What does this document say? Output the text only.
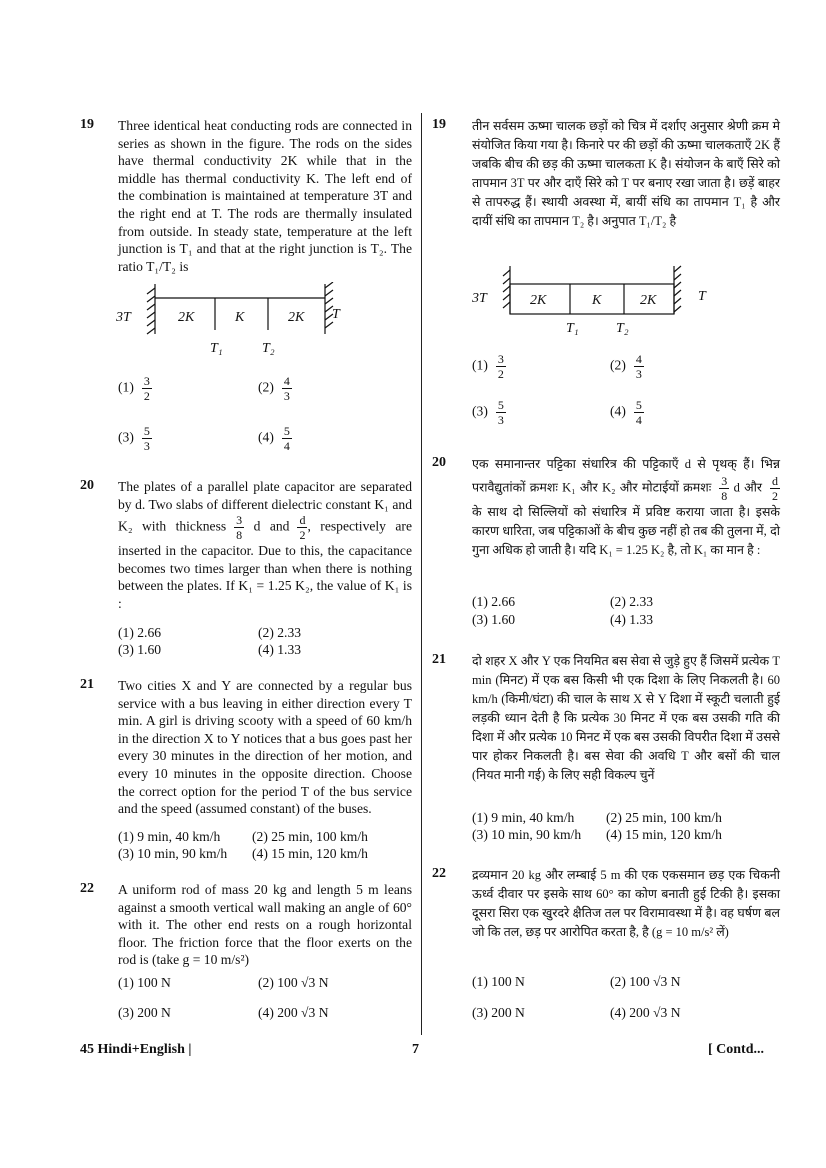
19 Three identical heat conducting rods are connected in series as shown in the figure. The rods on the sides have thermal conductivity 2K while that in the middle has thermal conductivity K. The left end of the combination is maintained at temperature 3T and the right end at T. The rods are thermally insulated from outside. In steady state, temperature at the left junction is T₁ and that at the right junction is T₂. The ratio T₁/T₂ is
3T	T
2K	K	2K
T₁	T₂
$(1) \frac{3}{2}$	$(2) \frac{4}{3}$
$(3) \frac{5}{3}$	$(4) \frac{5}{4}$
20 The plates of a parallel plate capacitor are separated by d. Two slabs of different dielectric constant K₁ and K₂ with thickness $\frac{3}{8}$ d and $\frac{d}{2}$ , respectively are inserted in the capacitor. Due to this, the capacitance becomes two times larger than when there is nothing between the plates. If K₁ = 1.25 K₂, the value of K₁ is :
(1) 2.66	(2) 2.33
(3) 1.60	(4) 1.33
21 Two cities X and Y are connected by a regular bus service with a bus leaving in either direction every T min. A girl is driving scooty with a speed of 60 km/h in the direction X to Y notices that a bus goes past her every 30 minutes in the direction of her motion, and every 10 minutes in the opposite direction. Choose the correct option for the period T of the bus service and the speed (assumed constant) of the buses.
(1) 9 min, 40 km/h (2) 25 min, 100 km/h
(3) 10 min, 90 km/h (4) 15 min, 120 km/h
22 A uniform rod of mass 20 kg and length 5 m leans against a smooth vertical wall making an angle of 60° with it. The other end rests on a rough horizontal floor. The friction force that the floor exerts on the rod is (take g = 10 m/s²)
(1) 100 N	(2) 100 √3 N
(3) 200 N	(4) 200 √3 N
19 तीन सर्वसम ऊष्मा चालक छड़ों को चित्र में दर्शाए अनुसार श्रेणी क्रम मे संयोजित किया गया है। किनारे पर की छड़ों की ऊष्मा चालकताएँ 2K हैं जबकि बीच की छड़ की ऊष्मा चालकता K है। संयोजन के बाएँ सिरे को तापमान 3T पर और दाएँ सिरे को T पर बनाए रखा जाता है। छड़ें बाहर से तापरुद्ध हैं। स्थायी अवस्था में, बायीं संधि का तापमान T₁ है और दायीं संधि का तापमान T₂ है। अनुपात T₁/T₂ है
3T	T
2K	K	2K
T₁	T₂
$(1) \frac{3}{2}$	$(2) \frac{4}{3}$
$(3) \frac{5}{3}$	$(4) \frac{5}{4}$
20 एक समानान्तर पट्टिका संधारित्र की पट्टिकाएँ d से पृथक् हैं। भिन्न परावैद्युतांकों क्रमशः K₁ और K₂ और मोटाईयों क्रमशः $\frac{3}{8}$ d और $\frac{d}{2}$
के साथ दो सिल्लियों को संधारित्र में प्रविष्ट कराया जाता है। इसके कारण धारिता, जब पट्टिकाओं के बीच कुछ नहीं हो तब की तुलना में, दो गुना अधिक हो जाती है। यदि K₁ = 1.25 K₂ है, तो K₁ का मान है :
(1) 2.66	(2) 2.33
(3) 1.60	(4) 1.33
21 दो शहर X और Y एक नियमित बस सेवा से जुड़े हुए हैं जिसमें प्रत्येक T min (मिनट) में एक बस किसी भी एक दिशा के लिए निकलती है। 60 km/h (किमी/घंटा) की चाल के साथ X से Y दिशा में स्कूटी चलाती हुई लड़की ध्यान देती है कि प्रत्येक 30 मिनट में एक बस उसकी गति की दिशा में और प्रत्येक 10 मिनट में एक बस उसकी विपरीत दिशा में उससे पार होकर निकलती है। बस सेवा की अवधि T और बसों की चाल (नियत मानी गई) के लिए सही विकल्प चुनें
(1) 9 min, 40 km/h (2) 25 min, 100 km/h
(3) 10 min, 90 km/h (4) 15 min, 120 km/h
22 द्रव्यमान 20 kg और लम्बाई 5 m की एक एकसमान छड़ एक चिकनी ऊर्ध्व दीवार पर इसके साथ 60° का कोण बनाती हुई टिकी है। इसका दूसरा सिरा एक खुरदरे क्षैतिज तल पर विरामावस्था में है। वह घर्षण बल जो कि तल, छड़ पर आरोपित करता है, है (g = 10 m/s² लें)
(1) 100 N	(2) 100 √3 N
(3) 200 N	(4) 200 √3 N
45 Hindi+English |	7	[ Contd...
